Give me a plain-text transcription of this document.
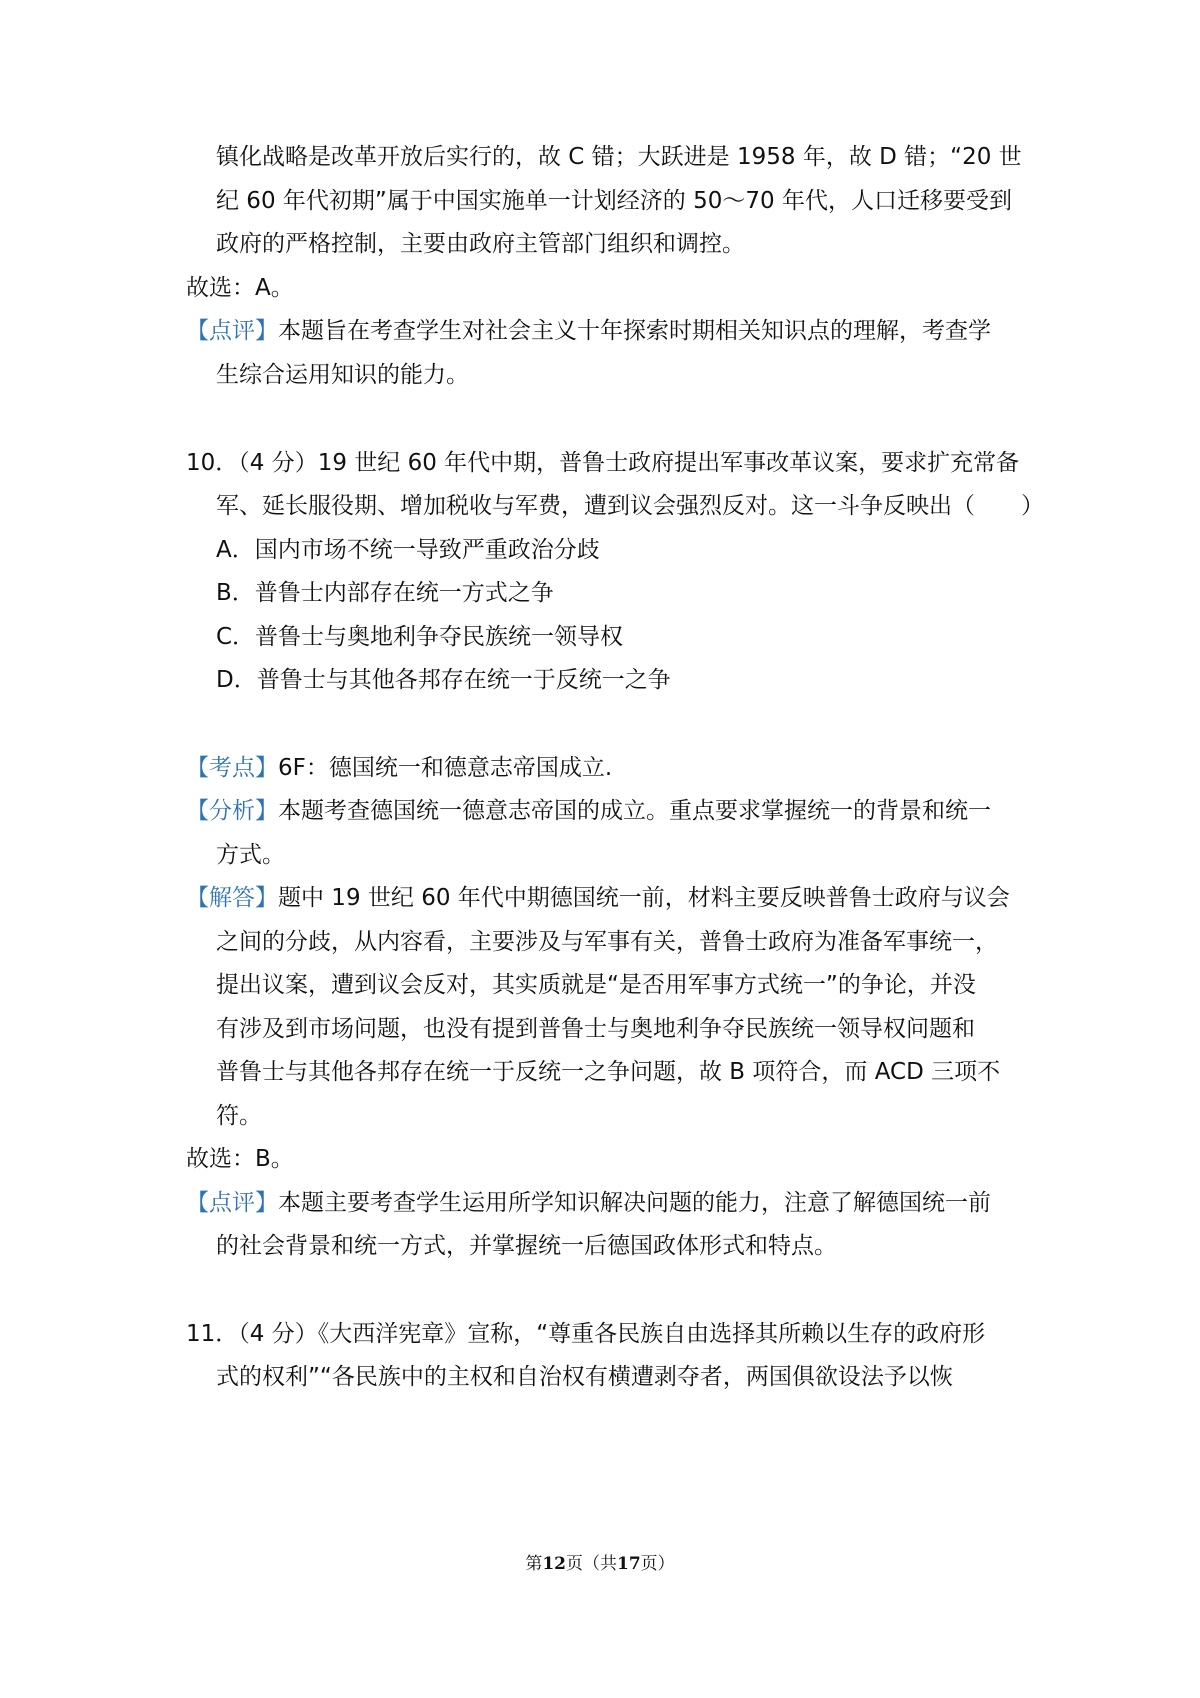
镇化战略是改革开放后实行的，故 C 错；大跃进是 1958 年，故 D 错；“20 世
纪 60 年代初期”属于中国实施单一计划经济的 50～70 年代，人口迁移要受到
政府的严格控制，主要由政府主管部门组织和调控。
故选：A。
【点评】本题旨在考查学生对社会主义十年探索时期相关知识点的理解，考查学
生综合运用知识的能力。
10．（4 分）19 世纪 60 年代中期，普鲁士政府提出军事改革议案，要求扩充常备
军、延长服役期、增加税收与军费，遭到议会强烈反对。这一斗争反映出（　　）
A．国内市场不统一导致严重政治分歧
B．普鲁士内部存在统一方式之争
C．普鲁士与奥地利争夺民族统一领导权
D．普鲁士与其他各邦存在统一于反统一之争
【考点】6F：德国统一和德意志帝国成立.
【分析】本题考查德国统一德意志帝国的成立。重点要求掌握统一的背景和统一
方式。
【解答】题中 19 世纪 60 年代中期德国统一前，材料主要反映普鲁士政府与议会
之间的分歧，从内容看，主要涉及与军事有关，普鲁士政府为准备军事统一，
提出议案，遭到议会反对，其实质就是“是否用军事方式统一”的争论，并没
有涉及到市场问题，也没有提到普鲁士与奥地利争夺民族统一领导权问题和
普鲁士与其他各邦存在统一于反统一之争问题，故 B 项符合，而 ACD 三项不
符。
故选：B。
【点评】本题主要考查学生运用所学知识解决问题的能力，注意了解德国统一前
的社会背景和统一方式，并掌握统一后德国政体形式和特点。
11．（4 分）《大西洋宪章》宣称，“尊重各民族自由选择其所赖以生存的政府形
式的权利”“各民族中的主权和自治权有横遭剥夺者，两国俱欲设法予以恢
第12页（共17页）
